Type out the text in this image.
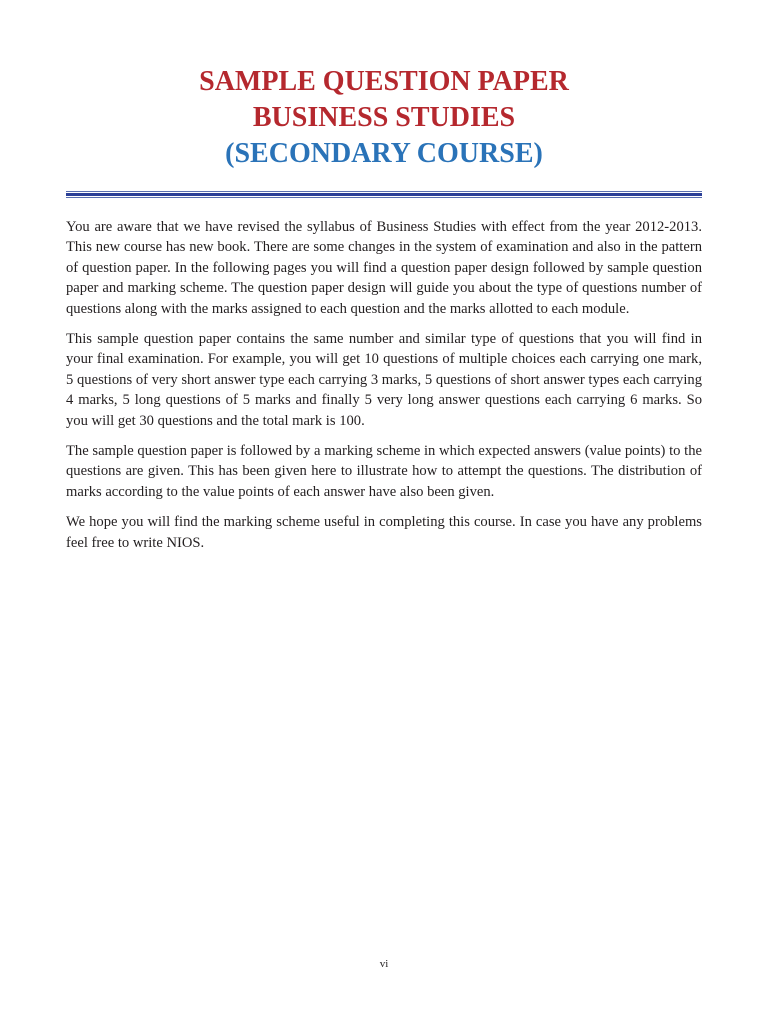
SAMPLE QUESTION PAPER
BUSINESS STUDIES
(SECONDARY COURSE)

You are aware that we have revised the syllabus of Business Studies with effect from the year 2012-2013. This new course has new book. There are some changes in the system of examination and also in the pattern of question paper. In the following pages you will find a question paper design followed by sample question paper and marking scheme. The question paper design will guide you about the type of questions number of questions along with the marks assigned to each question and the marks allotted to each module.

This sample question paper contains the same number and similar type of questions that you will find in your final examination. For example, you will get 10 questions of multiple choices each carrying one mark, 5 questions of very short answer type each carrying 3 marks, 5 questions of short answer types each carrying 4 marks, 5 long questions of 5 marks and finally 5 very long answer questions each carrying 6 marks. So you will get 30 questions and the total mark is 100.

The sample question paper is followed by a marking scheme in which expected answers (value points) to the questions are given. This has been given here to illustrate how to attempt the questions. The distribution of marks according to the value points of each answer have also been given.

We hope you will find the marking scheme useful in completing this course. In case you have any problems feel free to write NIOS.

vi
